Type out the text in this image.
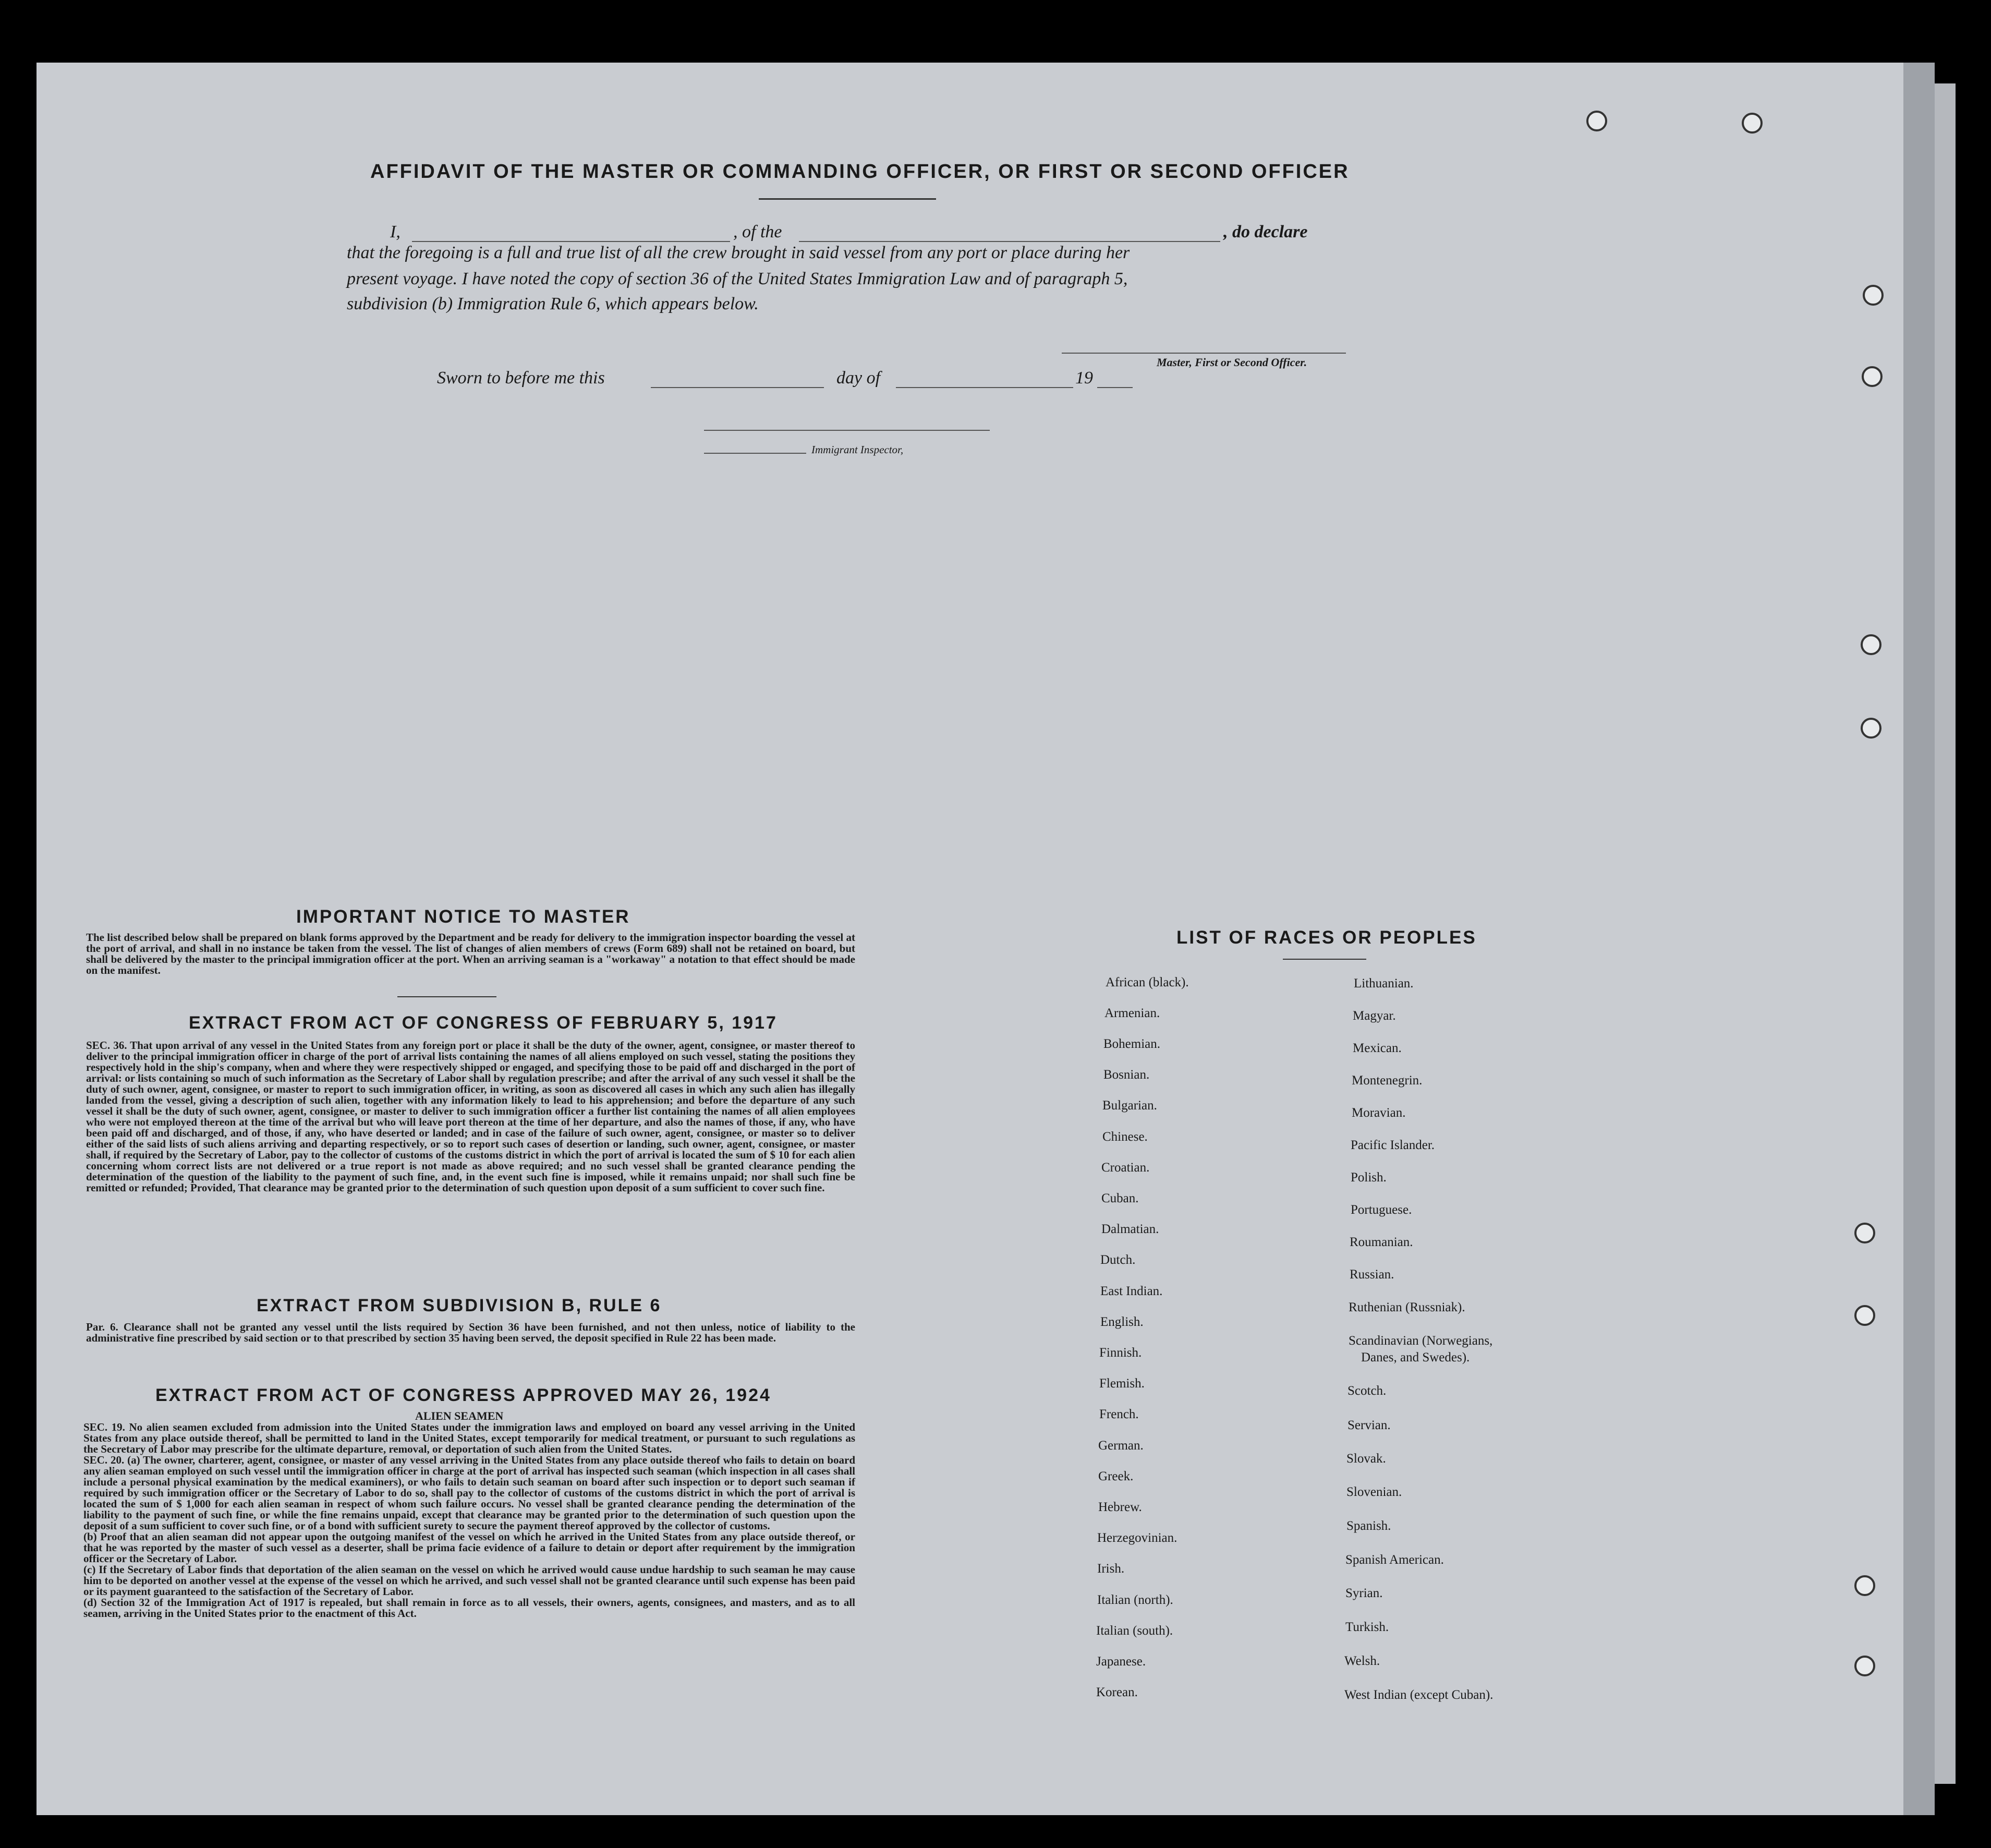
AFFIDAVIT OF THE MASTER OR COMMANDING OFFICER, OR FIRST OR SECOND OFFICER
I,	, of the	, do declare
that the foregoing is a full and true list of all the crew brought in said vessel from any port or place during her
present voyage. I have noted the copy of section 36 of the United States Immigration Law and of paragraph 5,
subdivision (b) Immigration Rule 6, which appears below.
Master, First or Second Officer.
Sworn to before me this	day of	19
Immigrant Inspector,
IMPORTANT NOTICE TO MASTER
The list described below shall be prepared on blank forms approved by the Department and be ready for delivery to the immigration inspector boarding the vessel at the port of arrival, and shall in no instance be taken from the vessel. The list of changes of alien members of crews (Form 689) shall not be retained on board, but shall be delivered by the master to the principal immigration officer at the port. When an arriving seaman is a "workaway" a notation to that effect should be made on the manifest.
EXTRACT FROM ACT OF CONGRESS OF FEBRUARY 5, 1917
SEC. 36. That upon arrival of any vessel in the United States from any foreign port or place it shall be the duty of the owner, agent, consignee, or master thereof to deliver to the principal immigration officer in charge of the port of arrival lists containing the names of all aliens employed on such vessel, stating the positions they respectively hold in the ship's company, when and where they were respectively shipped or engaged, and specifying those to be paid off and discharged in the port of arrival: or lists containing so much of such information as the Secretary of Labor shall by regulation prescribe; and after the arrival of any such vessel it shall be the duty of such owner, agent, consignee, or master to report to such immigration officer, in writing, as soon as discovered all cases in which any such alien has illegally landed from the vessel, giving a description of such alien, together with any information likely to lead to his apprehension; and before the departure of any such vessel it shall be the duty of such owner, agent, consignee, or master to deliver to such immigration officer a further list containing the names of all alien employees who were not employed thereon at the time of the arrival but who will leave port thereon at the time of her departure, and also the names of those, if any, who have been paid off and discharged, and of those, if any, who have deserted or landed; and in case of the failure of such owner, agent, consignee, or master so to deliver either of the said lists of such aliens arriving and departing respectively, or so to report such cases of desertion or landing, such owner, agent, consignee, or master shall, if required by the Secretary of Labor, pay to the collector of customs of the customs district in which the port of arrival is located the sum of $ 10 for each alien concerning whom correct lists are not delivered or a true report is not made as above required; and no such vessel shall be granted clearance pending the determination of the question of the liability to the payment of such fine, and, in the event such fine is imposed, while it remains unpaid; nor shall such fine be remitted or refunded; Provided, That clearance may be granted prior to the determination of such question upon deposit of a sum sufficient to cover such fine.
EXTRACT FROM SUBDIVISION B, RULE 6
Par. 6. Clearance shall not be granted any vessel until the lists required by Section 36 have been furnished, and not then unless, notice of liability to the administrative fine prescribed by said section or to that prescribed by section 35 having been served, the deposit specified in Rule 22 has been made.
EXTRACT FROM ACT OF CONGRESS APPROVED MAY 26, 1924
ALIEN SEAMEN
SEC. 19. No alien seamen excluded from admission into the United States under the immigration laws and employed on board any vessel arriving in the United States from any place outside thereof, shall be permitted to land in the United States, except temporarily for medical treatment, or pursuant to such regulations as the Secretary of Labor may prescribe for the ultimate departure, removal, or deportation of such alien from the United States.
SEC. 20. (a) The owner, charterer, agent, consignee, or master of any vessel arriving in the United States from any place outside thereof who fails to detain on board any alien seaman employed on such vessel until the immigration officer in charge at the port of arrival has inspected such seaman (which inspection in all cases shall include a personal physical examination by the medical examiners), or who fails to detain such seaman on board after such inspection or to deport such seaman if required by such immigration officer or the Secretary of Labor to do so, shall pay to the collector of customs of the customs district in which the port of arrival is located the sum of $ 1,000 for each alien seaman in respect of whom such failure occurs. No vessel shall be granted clearance pending the determination of the liability to the payment of such fine, or while the fine remains unpaid, except that clearance may be granted prior to the determination of such question upon the deposit of a sum sufficient to cover such fine, or of a bond with sufficient surety to secure the payment thereof approved by the collector of customs.
(b) Proof that an alien seaman did not appear upon the outgoing manifest of the vessel on which he arrived in the United States from any place outside thereof, or that he was reported by the master of such vessel as a deserter, shall be prima facie evidence of a failure to detain or deport after requirement by the immigration officer or the Secretary of Labor.
(c) If the Secretary of Labor finds that deportation of the alien seaman on the vessel on which he arrived would cause undue hardship to such seaman he may cause him to be deported on another vessel at the expense of the vessel on which he arrived, and such vessel shall not be granted clearance until such expense has been paid or its payment guaranteed to the satisfaction of the Secretary of Labor.
(d) Section 32 of the Immigration Act of 1917 is repealed, but shall remain in force as to all vessels, their owners, agents, consignees, and masters, and as to all seamen, arriving in the United States prior to the enactment of this Act.
LIST OF RACES OR PEOPLES
African (black).
Armenian.
Bohemian.
Bosnian.
Bulgarian.
Chinese.
Croatian.
Cuban.
Dalmatian.
Dutch.
East Indian.
English.
Finnish.
Flemish.
French.
German.
Greek.
Hebrew.
Herzegovinian.
Irish.
Italian (north).
Italian (south).
Japanese.
Korean.
Lithuanian.
Magyar.
Mexican.
Montenegrin.
Moravian.
Pacific Islander.
Polish.
Portuguese.
Roumanian.
Russian.
Ruthenian (Russniak).
Scandinavian (Norwegians,
Danes, and Swedes).
Scotch.
Servian.
Slovak.
Slovenian.
Spanish.
Spanish American.
Syrian.
Turkish.
Welsh.
West Indian (except Cuban).
